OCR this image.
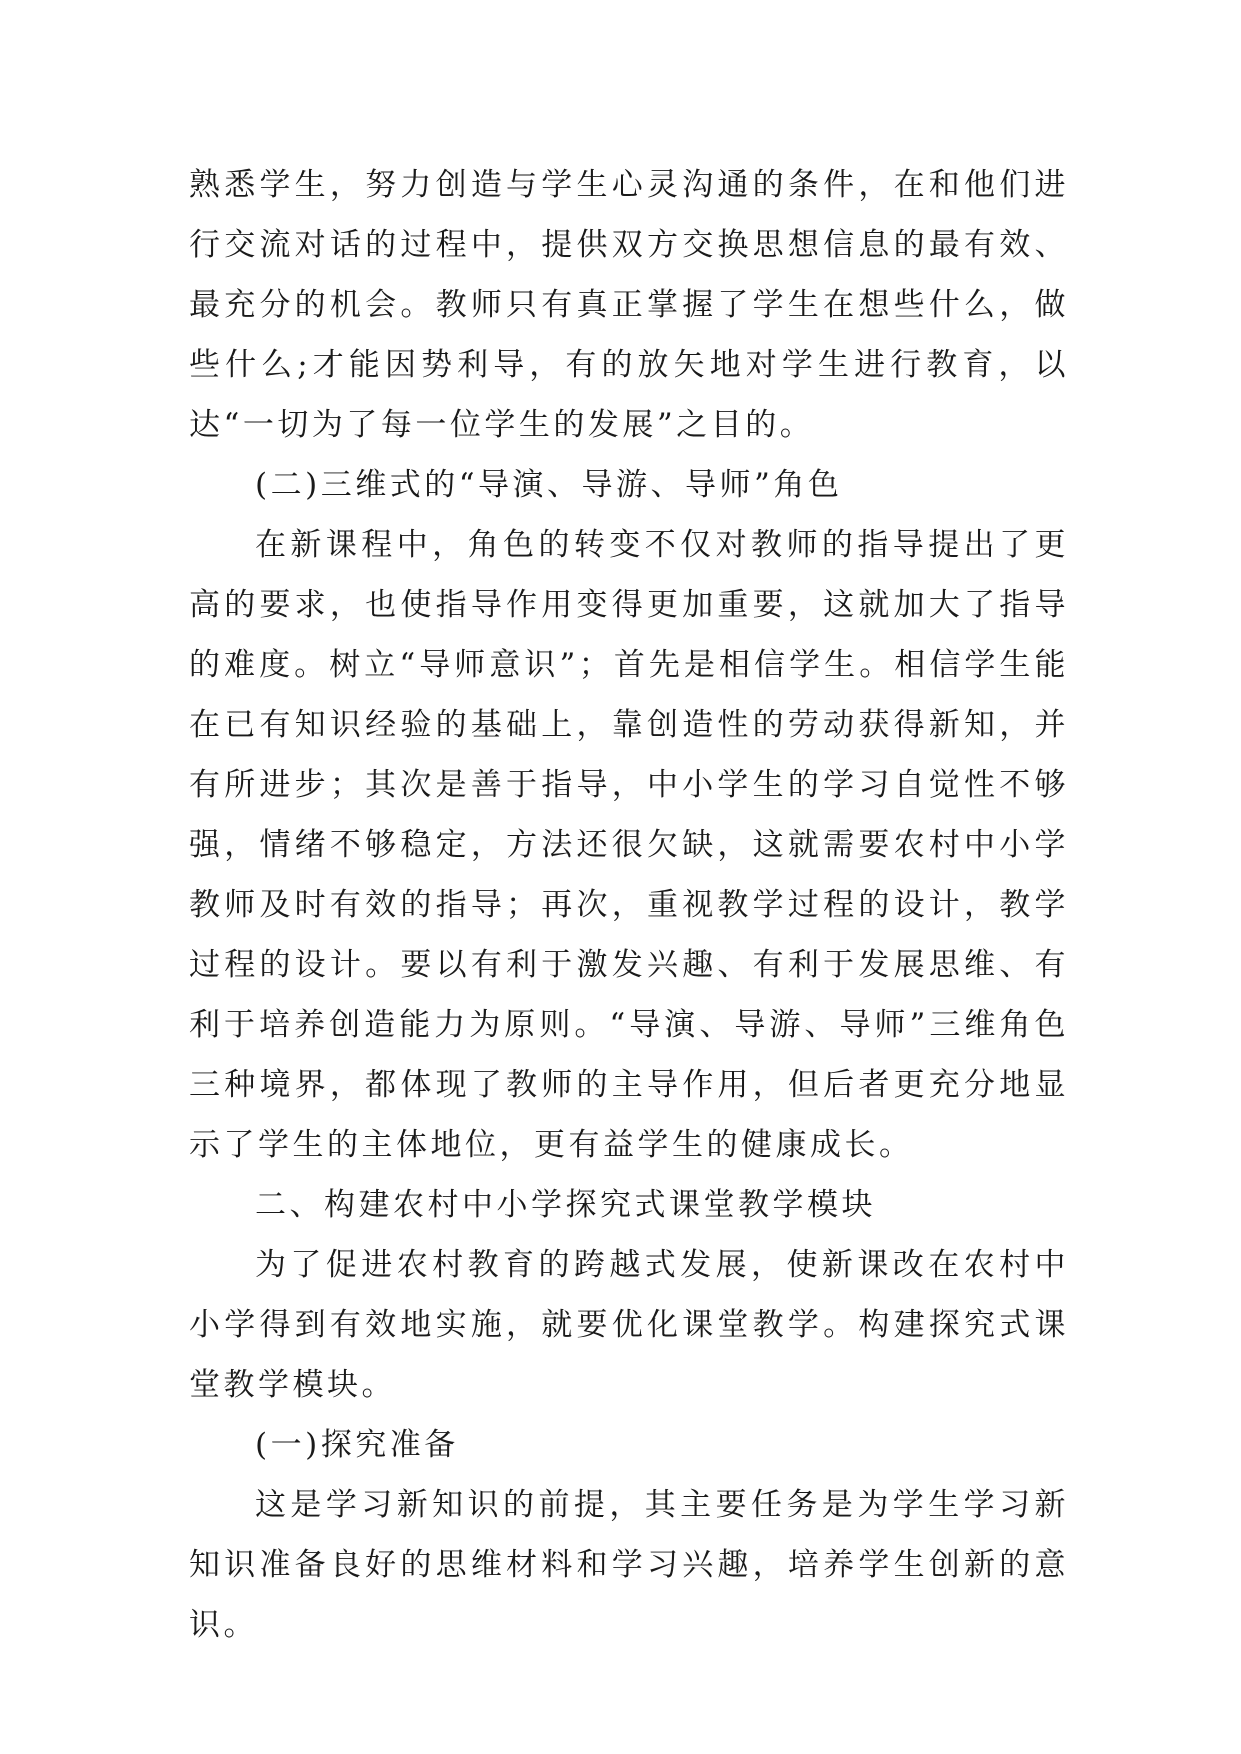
熟悉学生，努力创造与学生心灵沟通的条件，在和他们进行交流对话的过程中，提供双方交换思想信息的最有效、最充分的机会。教师只有真正掌握了学生在想些什么，做些什么;才能因势利导，有的放矢地对学生进行教育，以达“一切为了每一位学生的发展”之目的。

(二)三维式的“导演、导游、导师”角色

在新课程中，角色的转变不仅对教师的指导提出了更高的要求，也使指导作用变得更加重要，这就加大了指导的难度。树立“导师意识”；首先是相信学生。相信学生能在已有知识经验的基础上，靠创造性的劳动获得新知，并有所进步；其次是善于指导，中小学生的学习自觉性不够强，情绪不够稳定，方法还很欠缺，这就需要农村中小学教师及时有效的指导；再次，重视教学过程的设计，教学过程的设计。要以有利于激发兴趣、有利于发展思维、有利于培养创造能力为原则。“导演、导游、导师”三维角色三种境界，都体现了教师的主导作用，但后者更充分地显示了学生的主体地位，更有益学生的健康成长。

二、构建农村中小学探究式课堂教学模块

为了促进农村教育的跨越式发展，使新课改在农村中小学得到有效地实施，就要优化课堂教学。构建探究式课堂教学模块。

(一)探究准备

这是学习新知识的前提，其主要任务是为学生学习新知识准备良好的思维材料和学习兴趣，培养学生创新的意识。
